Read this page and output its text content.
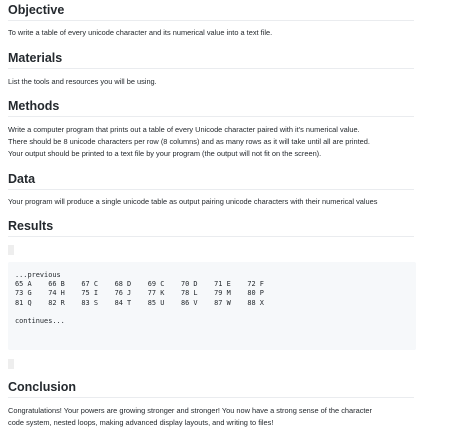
Objective

To write a table of every unicode character and its numerical value into a text file.

Materials

List the tools and resources you will be using.

Methods

Write a computer program that prints out a table of every Unicode character paired with it's numerical value.

There should be 8 unicode characters per row (8 columns) and as many rows as it will take until all are printed.

Your output should be printed to a text file by your program (the output will not fit on the screen).

Data

Your program will produce a single unicode table as output pairing unicode characters with their numerical values

Results
...previous
65 A    66 B    67 C    68 D    69 C    70 D    71 E    72 F
73 G    74 H    75 I    76 J    77 K    78 L    79 M    80 P
81 Q    82 R    83 S    84 T    85 U    86 V    87 W    88 X

continues...
Conclusion

Congratulations! Your powers are growing stronger and stronger! You now have a strong sense of the character

code system, nested loops, making advanced display layouts, and writing to files!
